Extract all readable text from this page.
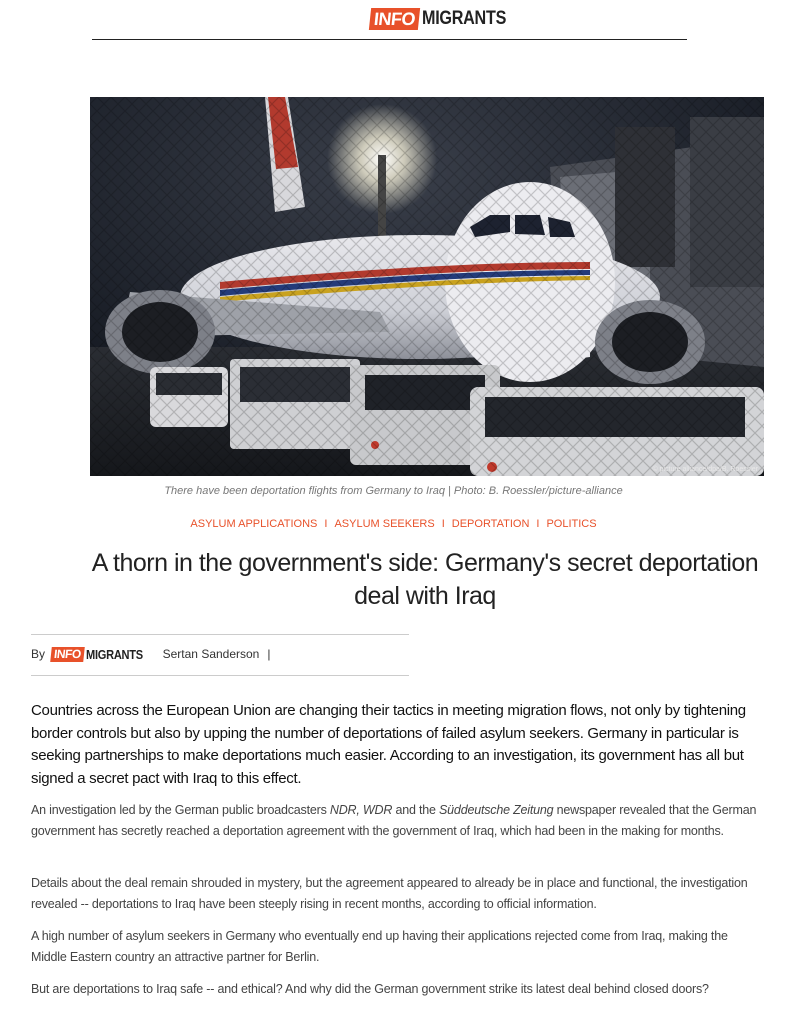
INFO MIGRANTS
© picture alliance/dpa/B. Roessler
There have been deportation flights from Germany to Iraq | Photo: B. Roessler/picture-alliance
ASYLUM APPLICATIONS I ASYLUM SEEKERS I DEPORTATION I POLITICS
A thorn in the government's side: Germany's secret deportation deal with Iraq
By INFO MIGRANTS Sertan Sanderson |

Countries across the European Union are changing their tactics in meeting migration flows, not only by tightening border controls but also by upping the number of deportations of failed asylum seekers. Germany in particular is seeking partnerships to make deportations much easier. According to an investigation, its government has all but signed a secret pact with Iraq to this effect.

An investigation led by the German public broadcasters NDR, WDR and the Süddeutsche Zeitung newspaper revealed that the German government has secretly reached a deportation agreement with the government of Iraq, which had been in the making for months.

Details about the deal remain shrouded in mystery, but the agreement appeared to already be in place and functional, the investigation revealed -- deportations to Iraq have been steeply rising in recent months, according to official information.

A high number of asylum seekers in Germany who eventually end up having their applications rejected come from Iraq, making the Middle Eastern country an attractive partner for Berlin.

But are deportations to Iraq safe -- and ethical? And why did the German government strike its latest deal behind closed doors?
